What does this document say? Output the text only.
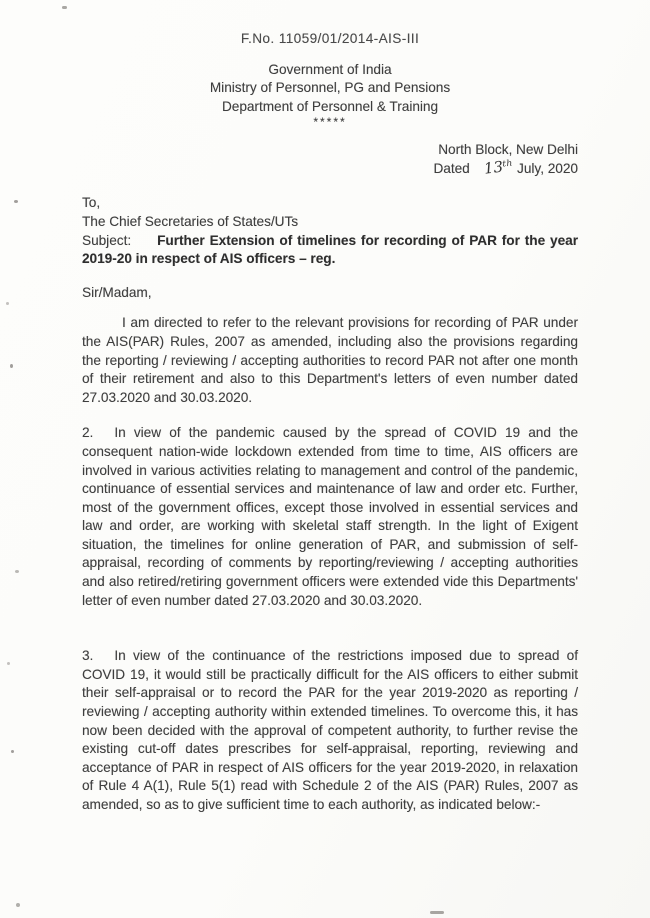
F.No. 11059/01/2014-AIS-III
Government of India
Ministry of Personnel, PG and Pensions
Department of Personnel & Training
*****
North Block, New Delhi
Dated 13ᵗʰ July, 2020
To,
The Chief Secretaries of States/UTs

Subject: Further Extension of timelines for recording of PAR for the year 2019-20 in respect of AIS officers – reg.

Sir/Madam,

I am directed to refer to the relevant provisions for recording of PAR under the AIS(PAR) Rules, 2007 as amended, including also the provisions regarding the reporting / reviewing / accepting authorities to record PAR not after one month of their retirement and also to this Department's letters of even number dated 27.03.2020 and 30.03.2020.

2. In view of the pandemic caused by the spread of COVID 19 and the consequent nation-wide lockdown extended from time to time, AIS officers are involved in various activities relating to management and control of the pandemic, continuance of essential services and maintenance of law and order etc. Further, most of the government offices, except those involved in essential services and law and order, are working with skeletal staff strength. In the light of Exigent situation, the timelines for online generation of PAR, and submission of self-appraisal, recording of comments by reporting/reviewing / accepting authorities and also retired/retiring government officers were extended vide this Departments' letter of even number dated 27.03.2020 and 30.03.2020.

3. In view of the continuance of the restrictions imposed due to spread of COVID 19, it would still be practically difficult for the AIS officers to either submit their self-appraisal or to record the PAR for the year 2019-2020 as reporting / reviewing / accepting authority within extended timelines. To overcome this, it has now been decided with the approval of competent authority, to further revise the existing cut-off dates prescribes for self-appraisal, reporting, reviewing and acceptance of PAR in respect of AIS officers for the year 2019-2020, in relaxation of Rule 4 A(1), Rule 5(1) read with Schedule 2 of the AIS (PAR) Rules, 2007 as amended, so as to give sufficient time to each authority, as indicated below:-
